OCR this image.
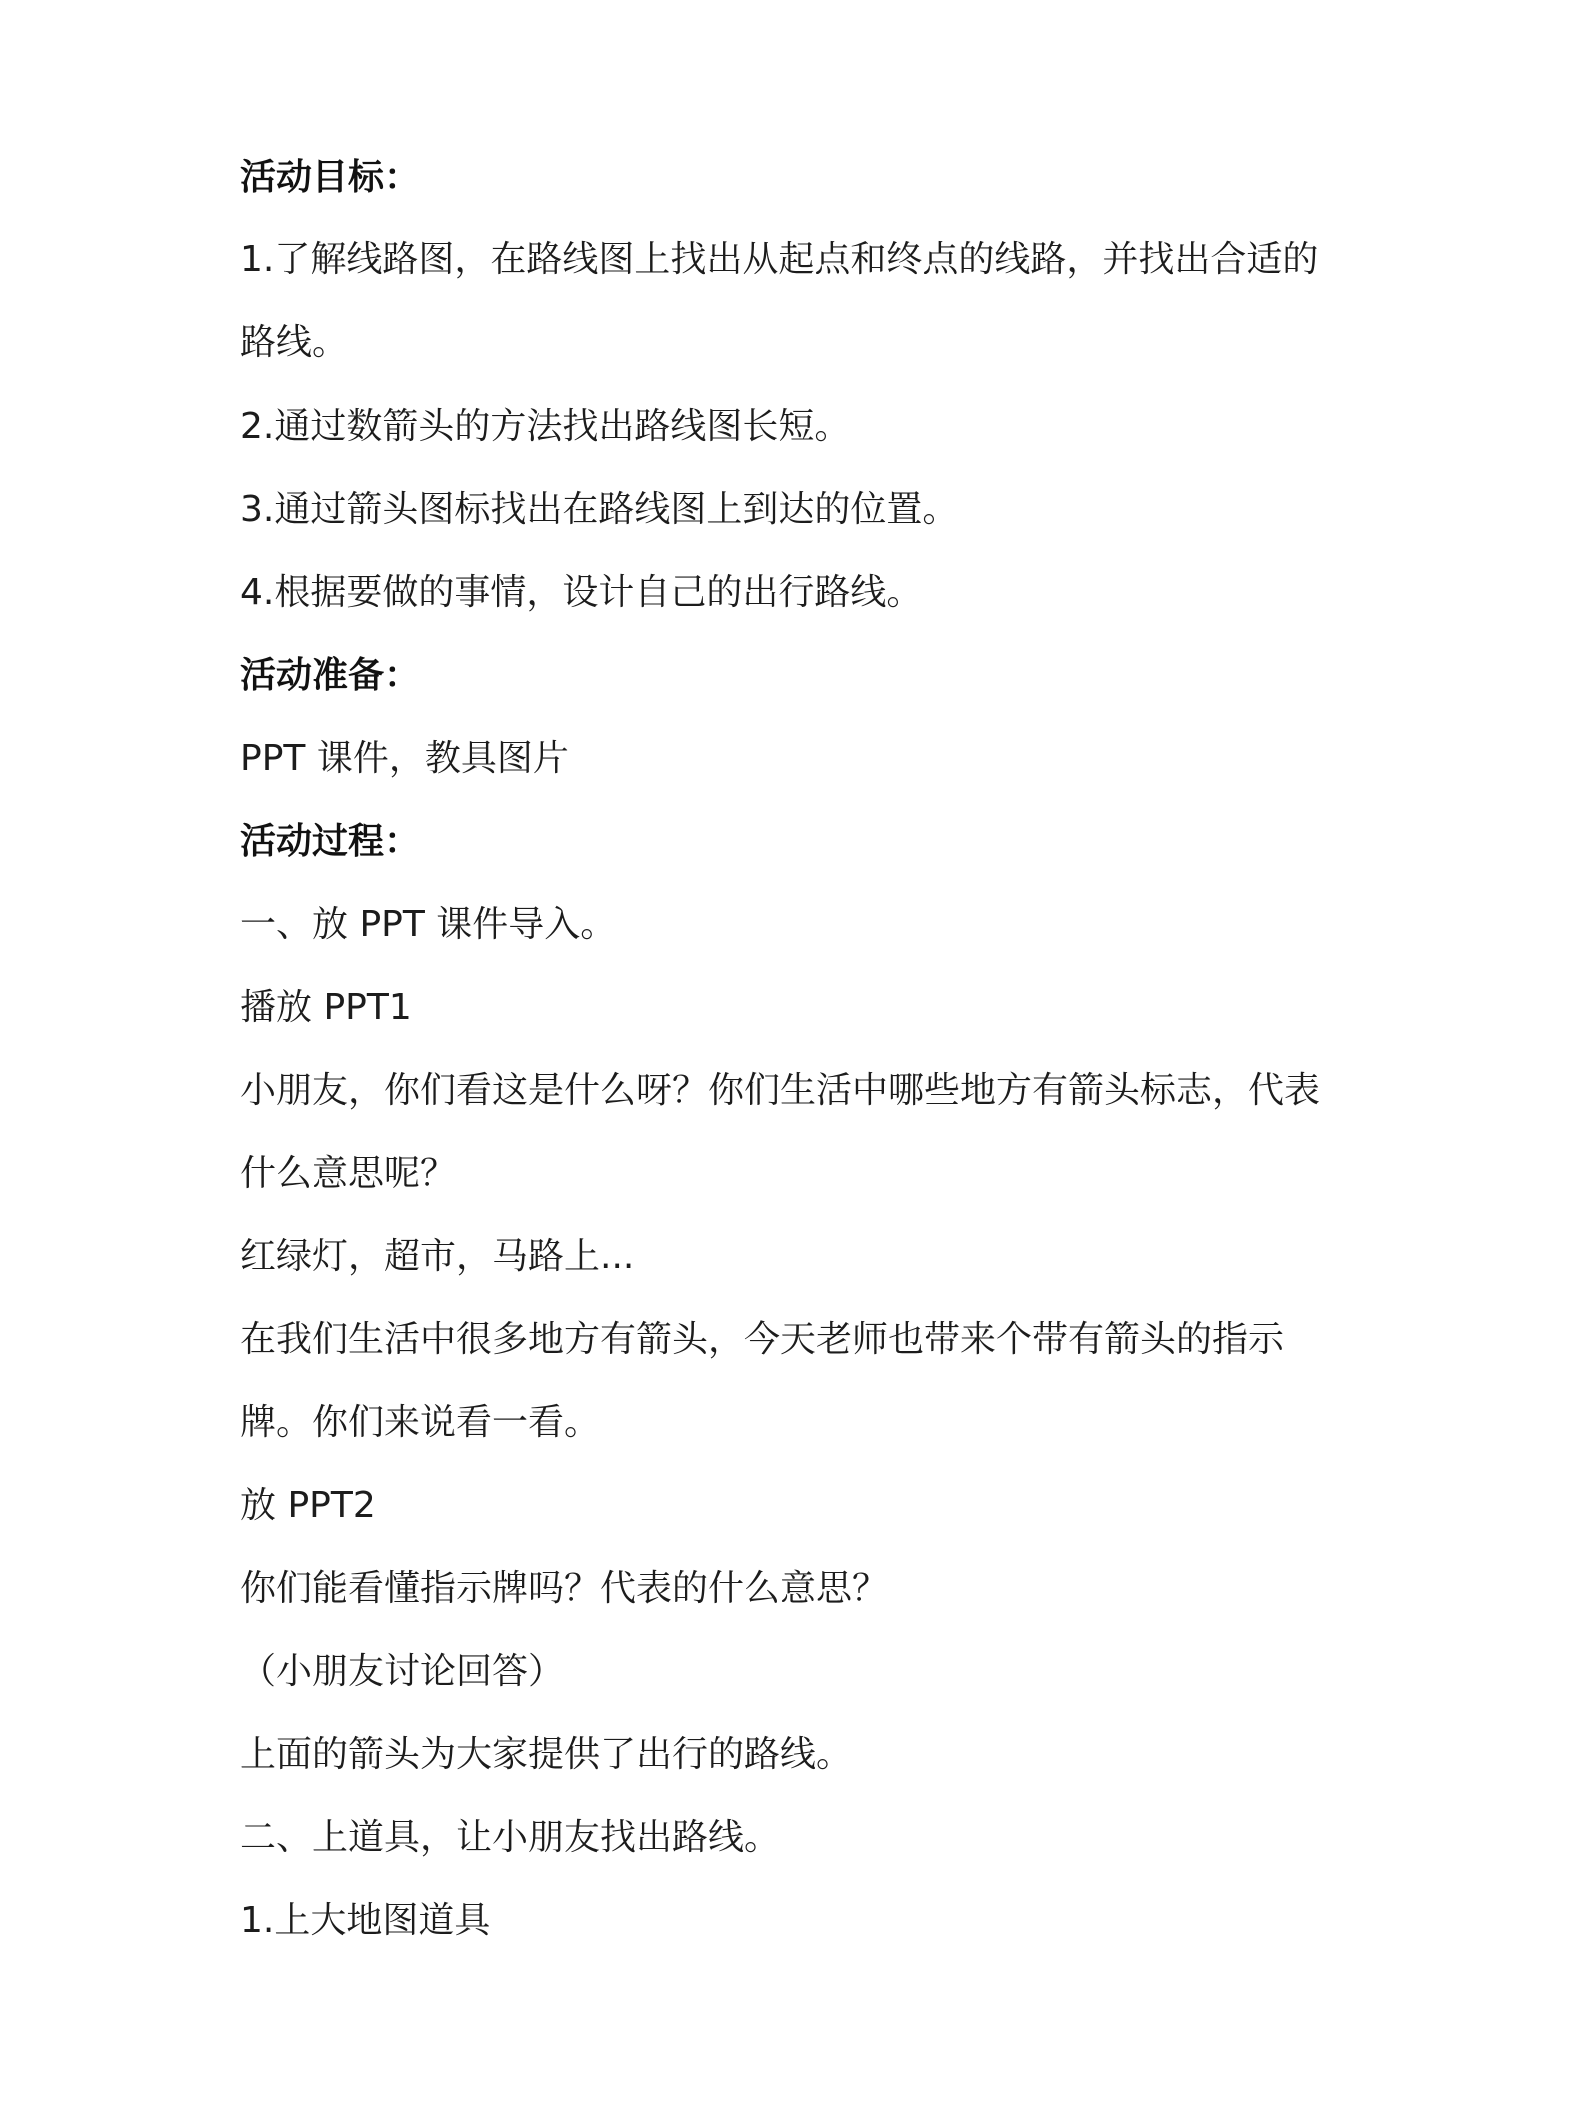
活动目标：
1.了解线路图，在路线图上找出从起点和终点的线路，并找出合适的
路线。
2.通过数箭头的方法找出路线图长短。
3.通过箭头图标找出在路线图上到达的位置。
4.根据要做的事情，设计自己的出行路线。
活动准备：
PPT 课件，教具图片
活动过程：
一、放 PPT 课件导入。
播放 PPT1
小朋友，你们看这是什么呀？你们生活中哪些地方有箭头标志，代表
什么意思呢？
红绿灯，超市，马路上...
在我们生活中很多地方有箭头，今天老师也带来个带有箭头的指示
牌。你们来说看一看。
放 PPT2
你们能看懂指示牌吗？代表的什么意思？
（小朋友讨论回答）
上面的箭头为大家提供了出行的路线。
二、上道具，让小朋友找出路线。
1.上大地图道具
